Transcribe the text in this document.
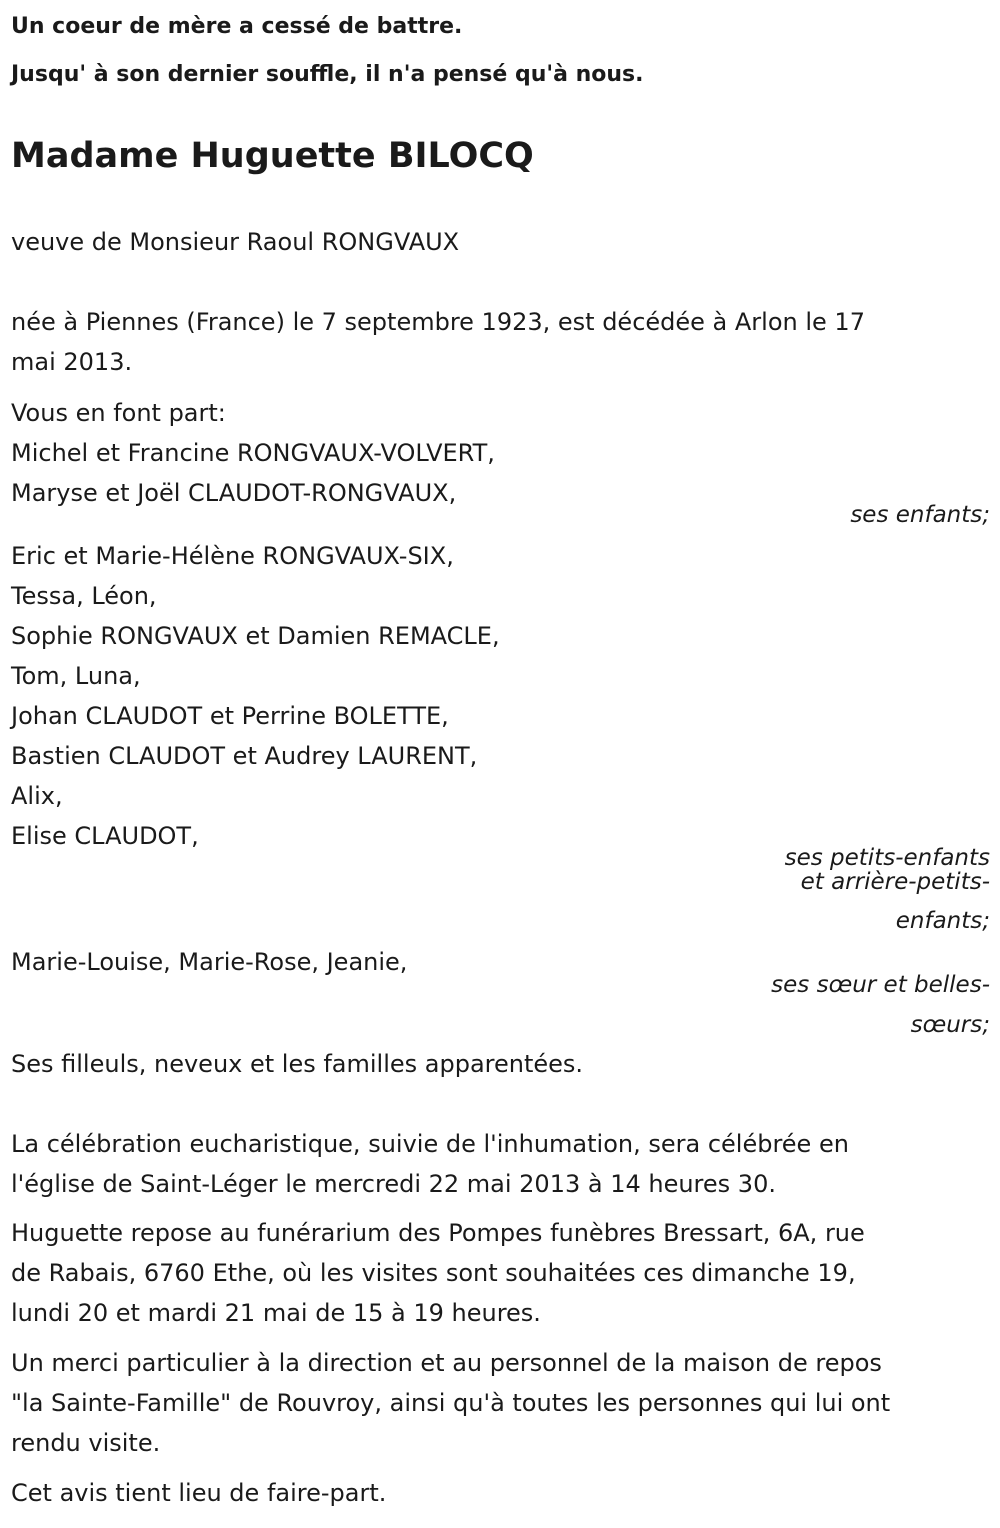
Un coeur de mère a cessé de battre.

Jusqu' à son dernier souffle, il n'a pensé qu'à nous.

Madame Huguette BILOCQ

veuve de Monsieur Raoul RONGVAUX

née à Piennes (France) le 7 septembre 1923, est décédée à Arlon le 17

mai 2013.

Vous en font part:

Michel et Francine RONGVAUX-VOLVERT,

Maryse et Joël CLAUDOT-RONGVAUX,

ses enfants;

Eric et Marie-Hélène RONGVAUX-SIX,

Tessa, Léon,

Sophie RONGVAUX et Damien REMACLE,

Tom, Luna,

Johan CLAUDOT et Perrine BOLETTE,

Bastien CLAUDOT et Audrey LAURENT,

Alix,

Elise CLAUDOT,

ses petits-enfants

et arrière-petits-

enfants;

Marie-Louise, Marie-Rose, Jeanie,

ses sœur et belles-

sœurs;

Ses filleuls, neveux et les familles apparentées.

La célébration eucharistique, suivie de l'inhumation, sera célébrée en

l'église de Saint-Léger le mercredi 22 mai 2013 à 14 heures 30.

Huguette repose au funérarium des Pompes funèbres Bressart, 6A, rue

de Rabais, 6760 Ethe, où les visites sont souhaitées ces dimanche 19,

lundi 20 et mardi 21 mai de 15 à 19 heures.

Un merci particulier à la direction et au personnel de la maison de repos

"la Sainte-Famille" de Rouvroy, ainsi qu'à toutes les personnes qui lui ont

rendu visite.

Cet avis tient lieu de faire-part.
